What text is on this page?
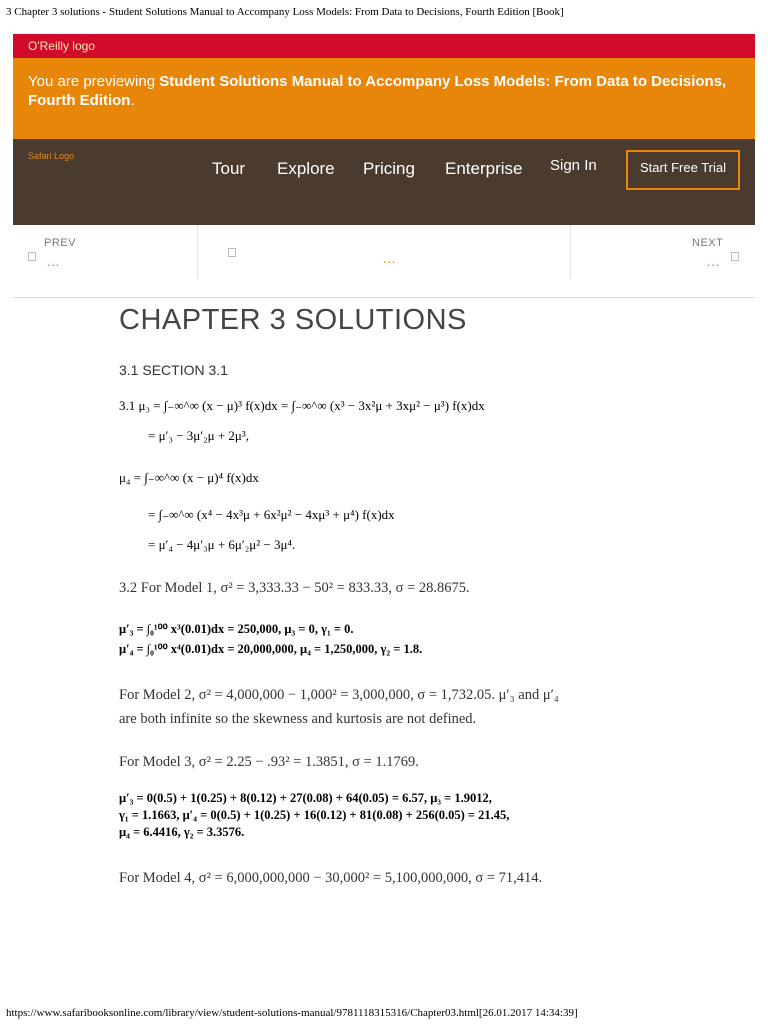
3 Chapter 3 solutions - Student Solutions Manual to Accompany Loss Models: From Data to Decisions, Fourth Edition [Book]
O'Reilly logo
You are previewing Student Solutions Manual to Accompany Loss Models: From Data to Decisions, Fourth Edition.
Safari Logo
Tour Explore Pricing Enterprise Sign In	Start Free Trial
PREV
…	…
NEXT
…
CHAPTER 3 SOLUTIONS
3.1 SECTION 3.1
3.1 μ₃ = ∫₋∞^∞ (x − μ)³ f(x)dx = ∫₋∞^∞ (x³ − 3x²μ + 3xμ² − μ³) f(x)dx
= μ′₃ − 3μ′₂μ + 2μ³,
μ₄ = ∫₋∞^∞ (x − μ)⁴ f(x)dx
= ∫₋∞^∞ (x⁴ − 4x³μ + 6x²μ² − 4xμ³ + μ⁴) f(x)dx
= μ′₄ − 4μ′₃μ + 6μ′₂μ² − 3μ⁴.
3.2 For Model 1, σ² = 3,333.33 − 50² = 833.33, σ = 28.8675.
μ′₃ = ∫₀¹⁰⁰ x³(0.01)dx = 250,000, μ₃ = 0, γ₁ = 0.
μ′₄ = ∫₀¹⁰⁰ x⁴(0.01)dx = 20,000,000, μ₄ = 1,250,000, γ₂ = 1.8.
For Model 2, σ² = 4,000,000 − 1,000² = 3,000,000, σ = 1,732.05. μ′₃ and μ′₄
are both infinite so the skewness and kurtosis are not defined.
For Model 3, σ² = 2.25 − .93² = 1.3851, σ = 1.1769.
μ′₃ = 0(0.5) + 1(0.25) + 8(0.12) + 27(0.08) + 64(0.05) = 6.57, μ₃ = 1.9012,
γ₁ = 1.1663, μ′₄ = 0(0.5) + 1(0.25) + 16(0.12) + 81(0.08) + 256(0.05) = 21.45,
μ₄ = 6.4416, γ₂ = 3.3576.
For Model 4, σ² = 6,000,000,000 − 30,000² = 5,100,000,000, σ = 71,414.
https://www.safaribooksonline.com/library/view/student-solutions-manual/9781118315316/Chapter03.html[26.01.2017 14:34:39]
